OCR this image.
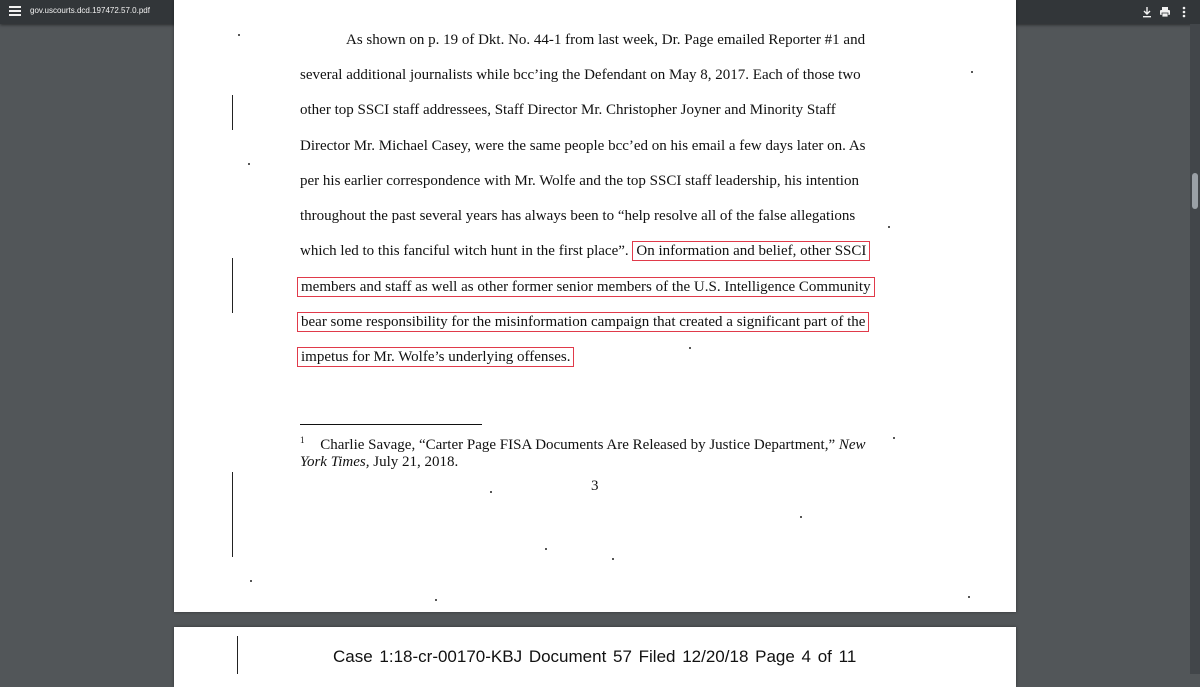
gov.uscourts.dcd.197472.57.0.pdf
As shown on p. 19 of Dkt. No. 44-1 from last week, Dr. Page emailed Reporter #1 and
several additional journalists while bcc’ing the Defendant on May 8, 2017. Each of those two
other top SSCI staff addressees, Staff Director Mr. Christopher Joyner and Minority Staff
Director Mr. Michael Casey, were the same people bcc’ed on his email a few days later on. As
per his earlier correspondence with Mr. Wolfe and the top SSCI staff leadership, his intention
throughout the past several years has always been to “help resolve all of the false allegations
which led to this fanciful witch hunt in the first place”. On information and belief, other SSCI
members and staff as well as other former senior members of the U.S. Intelligence Community
bear some responsibility for the misinformation campaign that created a significant part of the
impetus for Mr. Wolfe’s underlying offenses.
$^1$ Charlie Savage, “Carter Page FISA Documents Are Released by Justice Department,” New
York Times, July 21, 2018.
3
Case 1:18-cr-00170-KBJ Document 57 Filed 12/20/18 Page 4 of 11
